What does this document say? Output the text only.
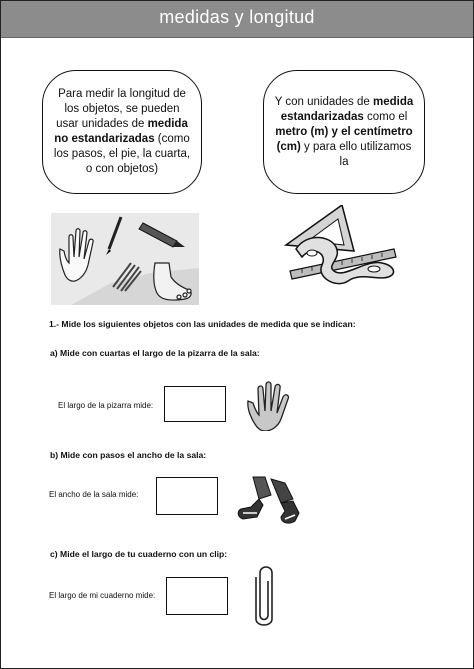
medidas y longitud
Para medir la longitud de los objetos, se pueden usar unidades de medida no estandarizadas (como los pasos, el pie, la cuarta, o con objetos)
Y con unidades de medida estandarizadas como el metro (m) y el centímetro (cm) y para ello utilizamos la
1.- Mide los siguientes objetos con las unidades de medida que se indican:
a) Mide con cuartas el largo de la pizarra de la sala:
El largo de la pizarra mide:
b) Mide con pasos el ancho de la sala:
El ancho de la sala mide:
c) Mide el largo de tu cuaderno con un clip:
El largo de mi cuaderno mide:
